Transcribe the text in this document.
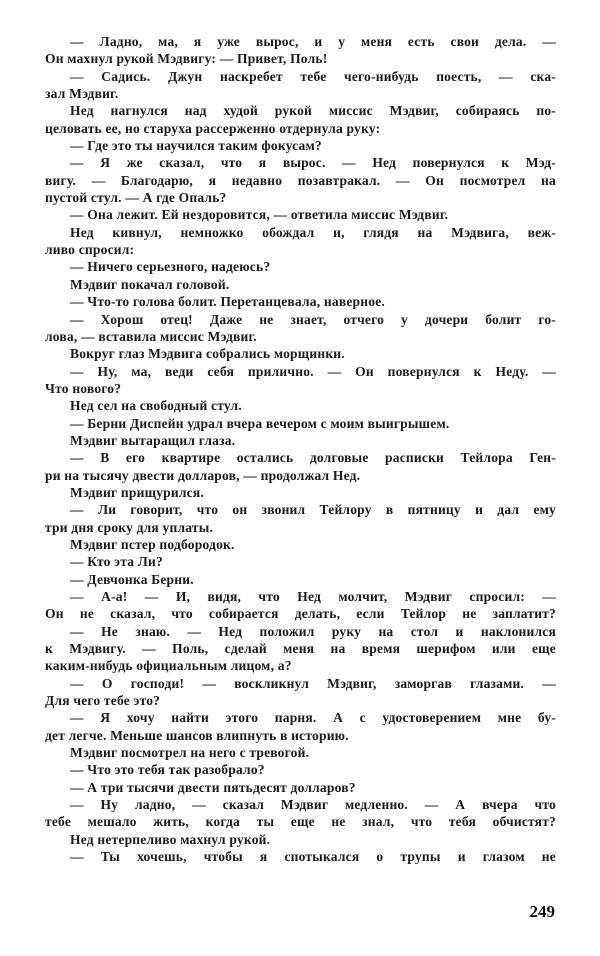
— Ладно, ма, я уже вырос, и у меня есть свои дела. —
Он махнул рукой Мэдвигу: — Привет, Поль!
— Садись. Джун наскребет тебе чего-нибудь поесть, — ска-
зал Мэдвиг.
Нед нагнулся над худой рукой миссис Мэдвиг, собираясь по-
целовать ее, но старуха рассерженно отдернула руку:
— Где это ты научился таким фокусам?
— Я же сказал, что я вырос. — Нед повернулся к Мэд-
вигу. — Благодарю, я недавно позавтракал. — Он посмотрел на
пустой стул. — А где Опаль?
— Она лежит. Ей нездоровится, — ответила миссис Мэдвиг.
Нед кивнул, немножко обождал и, глядя на Мэдвига, веж-
ливо спросил:
— Ничего серьезного, надеюсь?
Мэдвиг покачал головой.
— Что-то голова болит. Перетанцевала, наверное.
— Хорош отец! Даже не знает, отчего у дочери болит го-
лова, — вставила миссис Мэдвиг.
Вокруг глаз Мэдвига собрались морщинки.
— Ну, ма, веди себя прилично. — Он повернулся к Неду. —
Что нового?
Нед сел на свободный стул.
— Берни Диспейн удрал вчера вечером с моим выигрышем.
Мэдвиг вытаращил глаза.
— В его квартире остались долговые расписки Тейлора Ген-
ри на тысячу двести долларов, — продолжал Нед.
Мэдвиг прищурился.
— Ли говорит, что он звонил Тейлору в пятницу и дал ему
три дня сроку для уплаты.
Мэдвиг пстер подбородок.
— Кто эта Ли?
— Девчонка Берни.
— А-а! — И, видя, что Нед молчит, Мэдвиг спросил: —
Он не сказал, что собирается делать, если Тейлор не заплатит?
— Не знаю. — Нед положил руку на стол и наклонился
к Мэдвигу. — Поль, сделай меня на время шерифом или еще
каким-нибудь официальным лицом, а?
— О господи! — воскликнул Мэдвиг, заморгав глазами. —
Для чего тебе это?
— Я хочу найти этого парня. А с удостоверением мне бу-
дет легче. Меньше шансов влипнуть в историю.
Мэдвиг посмотрел на него с тревогой.
— Что это тебя так разобрало?
— А три тысячи двести пятьдесят долларов?
— Ну ладно, — сказал Мэдвиг медленно. — А вчера что
тебе мешало жить, когда ты еще не знал, что тебя обчистят?
Нед нетерпеливо махнул рукой.
— Ты хочешь, чтобы я спотыкался о трупы и глазом не
249
